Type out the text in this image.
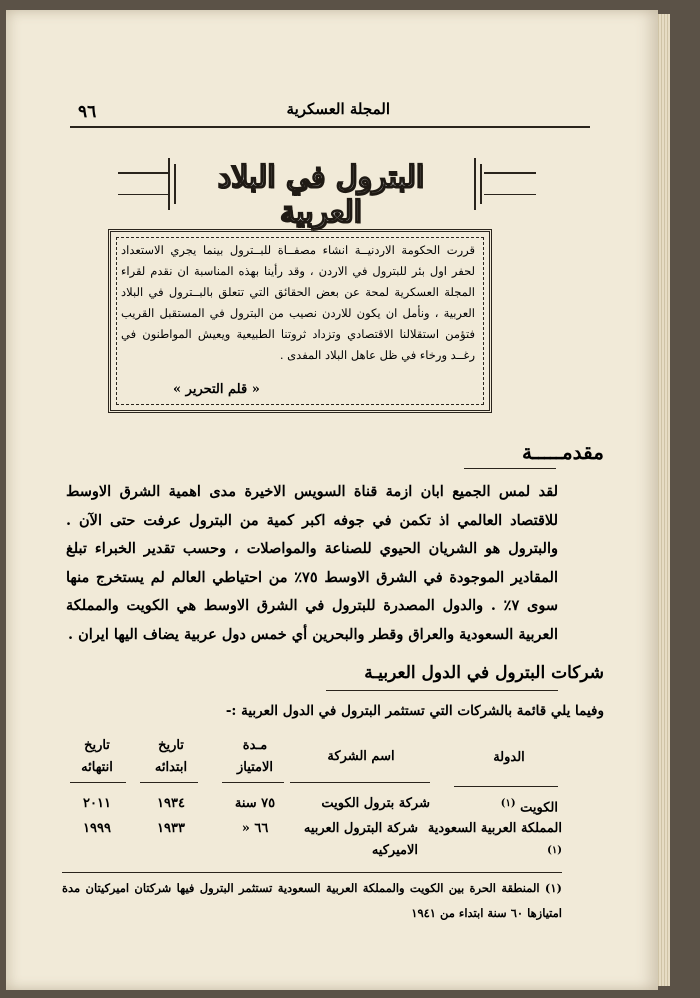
٩٦	المجلة العسكرية
البترول في البلاد العربية
قررت الحكومة الاردنيــة انشاء مصفــاة للبــترول بينما يجري الاستعداد لحفر اول بئر للبترول في الاردن ، وقد رأينا بهذه المناسبة ان نقدم لقراء المجلة العسكرية لمحة عن بعض الحقائق التي تتعلق بالبــترول في البلاد العربية ، ونأمل ان يكون للاردن نصيب من البترول في المستقبل القريب فتؤمن استقلالنا الاقتصادي وتزداد ثروتنا الطبيعية ويعيش المواطنون في رغــد ورخاء في ظل عاهل البلاد المفدى .
« قلم التحرير »
مقدمـــــة
لقد لمس الجميع ابان ازمة قناة السويس الاخيرة مدى اهمية الشرق الاوسط للاقتصاد العالمي اذ تكمن في جوفه اكبر كمية من البترول عرفت حتى الآن . والبترول هو الشريان الحيوي للصناعة والمواصلات ، وحسب تقدير الخبراء تبلغ المقادير الموجودة في الشرق الاوسط ٧٥٪ من احتياطي العالم لم يستخرج منها سوى ٧٪ . والدول المصدرة للبترول في الشرق الاوسط هي الكويت والمملكة العربية السعودية والعراق وقطر والبحرين أي خمس دول عربية يضاف اليها ايران .
شركات البترول في الدول العربيـة
وفيما يلي قائمة بالشركات التي تستثمر البترول في الدول العربية :-
الدولة
اسم الشركة
مـدة
الامتياز
تاريخ
ابتدائه
تاريخ
انتهائه
الكويت $^{(١)}$
شركة بترول الكويت
٧٥ سنة
١٩٣٤
٢٠١١
المملكة العربية السعودية $^{(١)}$
شركة البترول العربيه الاميركيه
٦٦ «
١٩٣٣
١٩٩٩
(١) المنطقة الحرة بين الكويت والمملكة العربية السعودية تستثمر البترول فيها شركتان اميركيتان مدة امتيازها ٦٠ سنة ابتداء من ١٩٤١
